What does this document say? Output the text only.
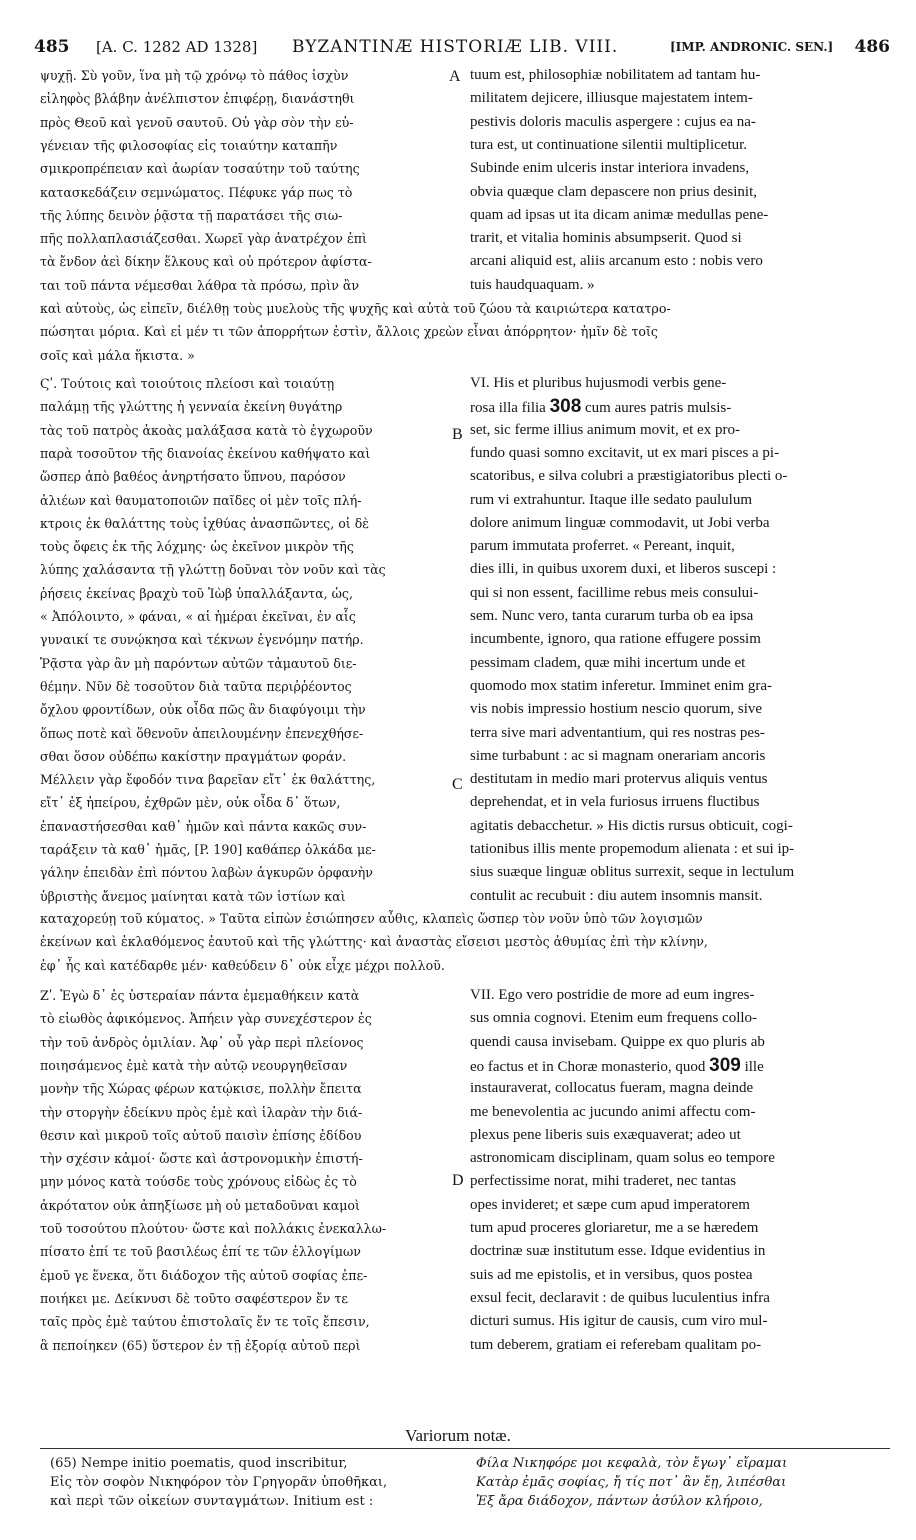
485 [A. C. 1282 AD 1328] BYZANTINÆ HISTORIÆ LIB. VIII.	[IMP. ANDRONIC. SEN.] 486
ψυχῇ. Σὺ γοῦν, ἵνα μὴ τῷ χρόνῳ τὸ πάθος ἰσχὺν
εἰληφὸς βλάβην ἀνέλπιστον ἐπιφέρῃ, διανάστηθι
πρὸς Θεοῦ καὶ γενοῦ σαυτοῦ. Οὐ γὰρ σὸν τὴν εὐ-
γένειαν τῆς φιλοσοφίας εἰς τοιαύτην καταπῆν
σμικροπρέπειαν καὶ ἀωρίαν τοσαύτην τοῦ ταύτης
κατασκεδάζειν σεμνώματος. Πέφυκε γάρ πως τὸ
τῆς λύπης δεινὸν ῥᾷστα τῇ παρατάσει τῆς σιω-
πῆς πολλαπλασιάζεσθαι. Χωρεῖ γὰρ ἀνατρέχον ἐπὶ
τὰ ἔνδον ἀεὶ δίκην ἕλκους καὶ οὐ πρότερον ἀφίστα-
ται τοῦ πάντα νέμεσθαι λάθρα τὰ πρόσω, πρὶν ἂν
tuum est, philosophiæ nobilitatem ad tantam hu-
militatem dejicere, illiusque majestatem intem-
pestivis doloris maculis aspergere : cujus ea na-
tura est, ut continuatione silentii multiplicetur.
Subinde enim ulceris instar interiora invadens,
obvia quæque clam depascere non prius desinit,
quam ad ipsas ut ita dicam animæ medullas pene-
trarit, et vitalia hominis absumpserit. Quod si
arcani aliquid est, aliis arcanum esto : nobis vero
tuis haudquaquam. »
καὶ αὐτοὺς, ὡς εἰπεῖν, διέλθῃ τοὺς μυελοὺς τῆς ψυχῆς καὶ αὐτὰ τοῦ ζώου τὰ καιριώτερα κατατρο-
πώσηται μόρια. Καὶ εἰ μέν τι τῶν ἀπορρήτων ἐστὶν, ἄλλοις χρεὼν εἶναι ἀπόρρητον· ἡμῖν δὲ τοῖς
σοῖς καὶ μάλα ἥκιστα. »
Ϛʹ. Τούτοις καὶ τοιούτοις πλείοσι καὶ τοιαύτῃ
παλάμῃ τῆς γλώττης ἡ γενναία ἐκείνη θυγάτηρ
τὰς τοῦ πατρὸς ἀκοὰς μαλάξασα κατὰ τὸ ἐγχωροῦν
παρὰ τοσοῦτον τῆς διανοίας ἐκείνου καθήψατο καὶ
ὥσπερ ἀπὸ βαθέος ἀνηρτήσατο ὕπνου, παρόσον
ἁλιέων καὶ θαυματοποιῶν παῖδες οἱ μὲν τοῖς πλή-
κτροις ἐκ θαλάττης τοὺς ἰχθύας ἀνασπῶντες, οἱ δὲ
τοὺς ὄφεις ἐκ τῆς λόχμης· ὡς ἐκεῖνον μικρὸν τῆς
λύπης χαλάσαντα τῇ γλώττῃ δοῦναι τὸν νοῦν καὶ τὰς
ῥήσεις ἐκείνας βραχὺ τοῦ Ἰὼβ ὑπαλλάξαντα, ὡς,
« Ἀπόλοιντο, » φάναι, « αἱ ἡμέραι ἐκεῖναι, ἐν αἷς
γυναικί τε συνῴκησα καὶ τέκνων ἐγενόμην πατήρ.
Ῥᾷστα γὰρ ἂν μὴ παρόντων αὐτῶν τἀμαυτοῦ διε-
θέμην. Νῦν δὲ τοσοῦτον διὰ ταῦτα περιῤῥέοντος
ὄχλου φροντίδων, οὐκ οἶδα πῶς ἂν διαφύγοιμι τὴν
ὅπως ποτὲ καὶ ὅθενοῦν ἀπειλουμένην ἐπενεχθήσε-
σθαι ὅσον οὐδέπω κακίστην πραγμάτων φοράν.
Μέλλειν γὰρ ἔφοδόν τινα βαρεῖαν εἴτ᾽ ἐκ θαλάττης,
εἴτ᾽ ἐξ ἠπείρου, ἐχθρῶν μὲν, οὐκ οἶδα δ᾽ ὅτων,
ἐπαναστήσεσθαι καθ᾽ ἡμῶν καὶ πάντα κακῶς συν-
ταράξειν τὰ καθ᾽ ἡμᾶς, [P. 190] καθάπερ ὁλκάδα με-
γάλην ἐπειδὰν ἐπὶ πόντου λαβὼν ἀγκυρῶν ὀρφανὴν
ὑβριστὴς ἄνεμος μαίνηται κατὰ τῶν ἱστίων καὶ
VI. His et pluribus hujusmodi verbis gene-
rosa illa filia 308 cum aures patris mulsis-
set, sic ferme illius animum movit, et ex pro-
fundo quasi somno excitavit, ut ex mari pisces a pi-
scatoribus, e silva colubri a præstigiatoribus plecti o-
rum vi extrahuntur. Itaque ille sedato paululum
dolore animum linguæ commodavit, ut Jobi verba
parum immutata proferret. « Pereant, inquit,
dies illi, in quibus uxorem duxi, et liberos suscepi :
qui si non essent, facillime rebus meis consului-
sem. Nunc vero, tanta curarum turba ob ea ipsa
incumbente, ignoro, qua ratione effugere possim
pessimam cladem, quæ mihi incertum unde et
quomodo mox statim inferetur. Imminet enim gra-
vis nobis impressio hostium nescio quorum, sive
terra sive mari adventantium, qui res nostras pes-
sime turbabunt : ac si magnam onerariam ancoris
destitutam in medio mari protervus aliquis ventus
deprehendat, et in vela furiosus irruens fluctibus
agitatis debacchetur. » His dictis rursus obticuit, cogi-
tationibus illis mente propemodum alienata : et sui ip-
sius suæque linguæ oblitus surrexit, seque in lectulum
contulit ac recubuit : diu autem insomnis mansit.
καταχορεύῃ τοῦ κύματος. » Ταῦτα εἰπὼν ἐσιώπησεν αὖθις, κλαπεὶς ὥσπερ τὸν νοῦν ὑπὸ τῶν λογισμῶν
ἐκείνων καὶ ἐκλαθόμενος ἑαυτοῦ καὶ τῆς γλώττης· καὶ ἀναστὰς εἴσεισι μεστὸς ἀθυμίας ἐπὶ τὴν κλίνην,
ἐφ᾽ ἧς καὶ κατέδαρθε μέν· καθεύδειν δ᾽ οὐκ εἶχε μέχρι πολλοῦ.
Ζʹ. Ἐγὼ δ᾽ ἐς ὑστεραίαν πάντα ἐμεμαθήκειν κατὰ
τὸ εἰωθὸς ἀφικόμενος. Ἀπήειν γὰρ συνεχέστερον ἐς
τὴν τοῦ ἀνδρὸς ὁμιλίαν. Ἀφ᾽ οὗ γὰρ περὶ πλείονος
ποιησάμενος ἐμὲ κατὰ τὴν αὐτῷ νεουργηθεῖσαν
μονὴν τῆς Χώρας φέρων κατῴκισε, πολλὴν ἔπειτα
τὴν στοργὴν ἐδείκνυ πρὸς ἐμὲ καὶ ἱλαρὰν τὴν διά-
θεσιν καὶ μικροῦ τοῖς αὐτοῦ παισὶν ἐπίσης ἐδίδου
τὴν σχέσιν κἀμοί· ὥστε καὶ ἀστρονομικὴν ἐπιστή-
μην μόνος κατὰ τούσδε τοὺς χρόνους εἰδὼς ἐς τὸ
ἀκρότατον οὐκ ἀπηξίωσε μὴ οὐ μεταδοῦναι καμοὶ
τοῦ τοσούτου πλούτου· ὥστε καὶ πολλάκις ἐνεκαλλω-
πίσατο ἐπί τε τοῦ βασιλέως ἐπί τε τῶν ἐλλογίμων
ἐμοῦ γε ἕνεκα, ὅτι διάδοχον τῆς αὐτοῦ σοφίας ἐπε-
ποιήκει με. Δείκνυσι δὲ τοῦτο σαφέστερον ἔν τε
ταῖς πρὸς ἐμὲ ταύτου ἐπιστολαῖς ἔν τε τοῖς ἔπεσιν,
ἃ πεποίηκεν (65) ὕστερον ἐν τῇ ἐξορίᾳ αὐτοῦ περὶ
VII. Ego vero postridie de more ad eum ingres-
sus omnia cognovi. Etenim eum frequens collo-
quendi causa invisebam. Quippe ex quo pluris ab
eo factus et in Choræ monasterio, quod 309 ille
instauraverat, collocatus fueram, magna deinde
me benevolentia ac jucundo animi affectu com-
plexus pene liberis suis exæquaverat; adeo ut
astronomicam disciplinam, quam solus eo tempore
perfectissime norat, mihi traderet, nec tantas
opes invideret; et sæpe cum apud imperatorem
tum apud proceres gloriaretur, me a se hæredem
doctrinæ suæ institutum esse. Idque evidentius in
suis ad me epistolis, et in versibus, quos postea
exsul fecit, declaravit : de quibus luculentius infra
dicturi sumus. His igitur de causis, cum viro mul-
tum deberem, gratiam ei referebam qualitam po-
A
B
C
D
Variorum notæ.
(65) Nempe initio poematis, quod inscribitur,
Εἰς τὸν σοφὸν Νικηφόρον τὸν Γρηγορᾶν ὑποθῆκαι,
καὶ περὶ τῶν οἰκείων συνταγμάτων. Initium est :
Φίλα Νικηφόρε μοι κεφαλὰ, τὸν ἔγωγ᾽ εἴραμαι
Κατὰρ ἐμᾶς σοφίας, ἤ τίς ποτ᾽ ἂν ἔῃ, λιπέσθαι
Ἐξ ἄρα διάδοχον, πάντων ἀσύλον κλήροιο,
